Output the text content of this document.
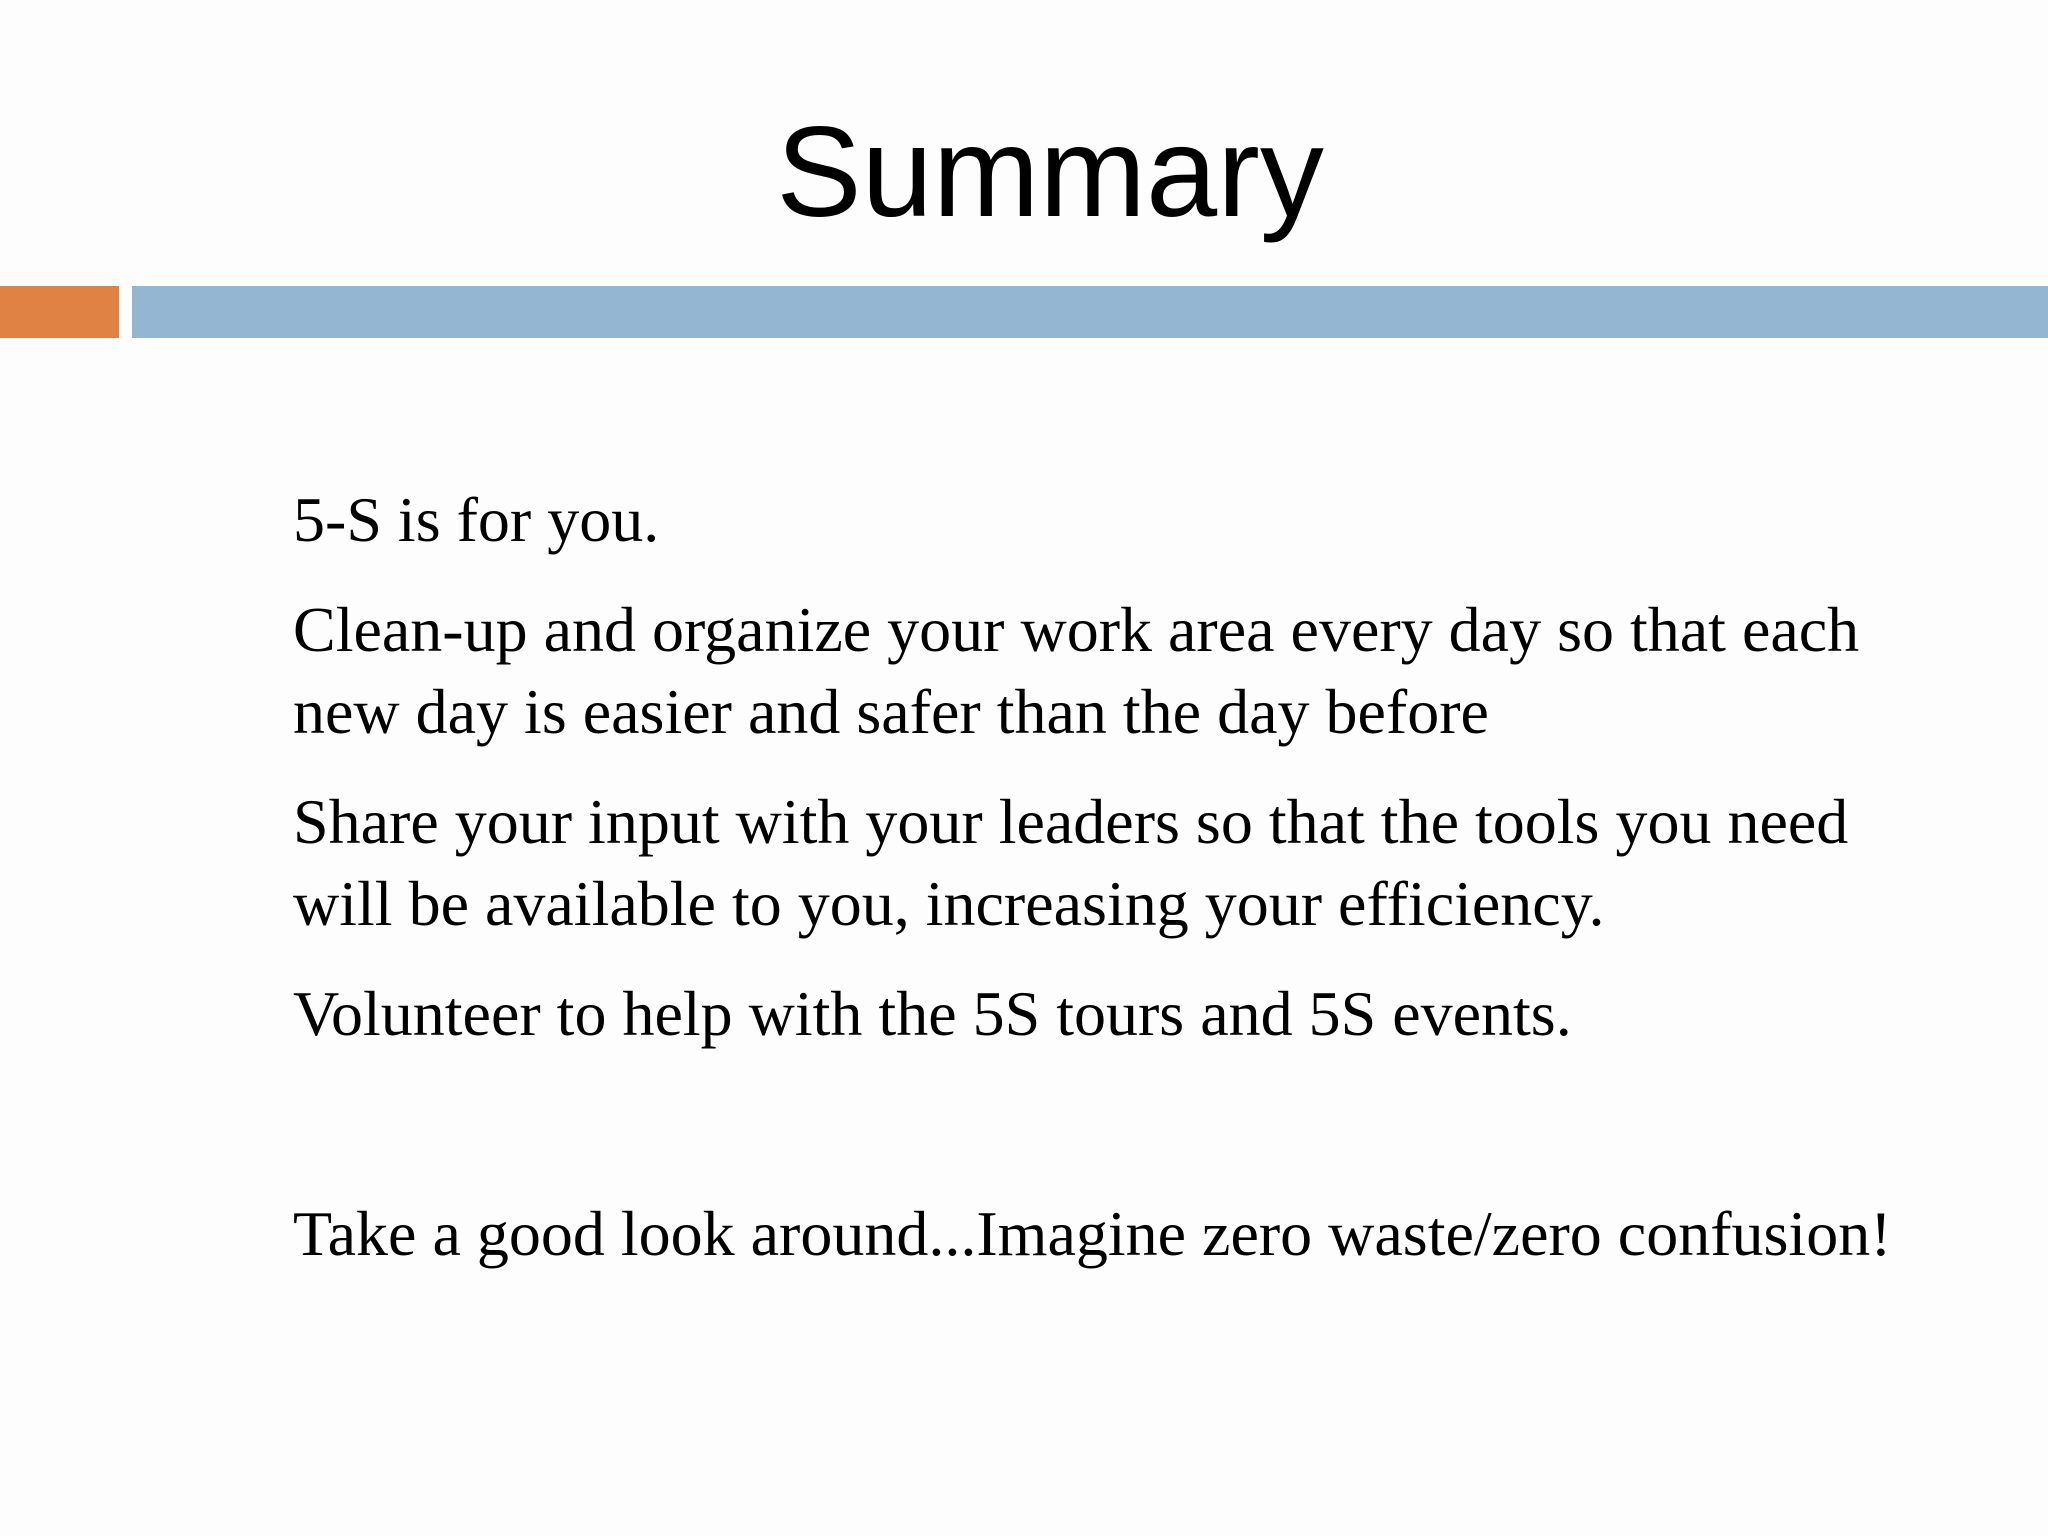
Summary

5-S is for you.

Clean-up and organize your work area every day so that each new day is easier and safer than the day before

Share your input with your leaders so that the tools you need will be available to you, increasing your efficiency.

Volunteer to help with the 5S tours and 5S events.

Take a good look around...Imagine zero waste/zero confusion!
